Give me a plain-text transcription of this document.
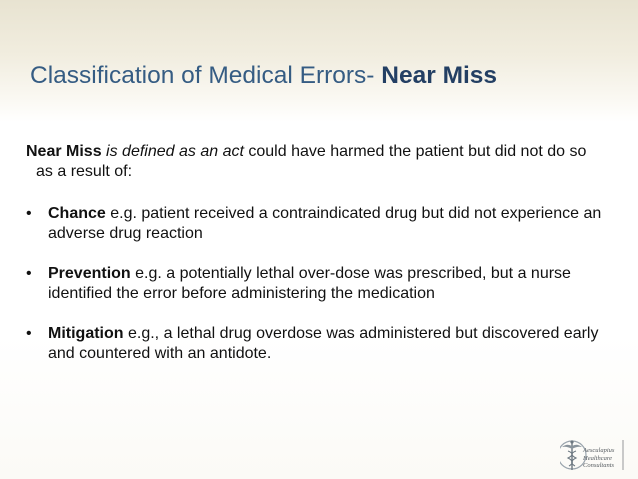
Classification of Medical Errors- Near Miss

Near Miss is defined as an act could have harmed the patient but did not do so as a result of:

• Chance e.g. patient received a contraindicated drug but did not experience an adverse drug reaction

• Prevention e.g. a potentially lethal over-dose was prescribed, but a nurse identified the error before administering the medication

• Mitigation e.g., a lethal drug overdose was administered but discovered early and countered with an antidote.

Aesculapius
Healthcare
Consultants
